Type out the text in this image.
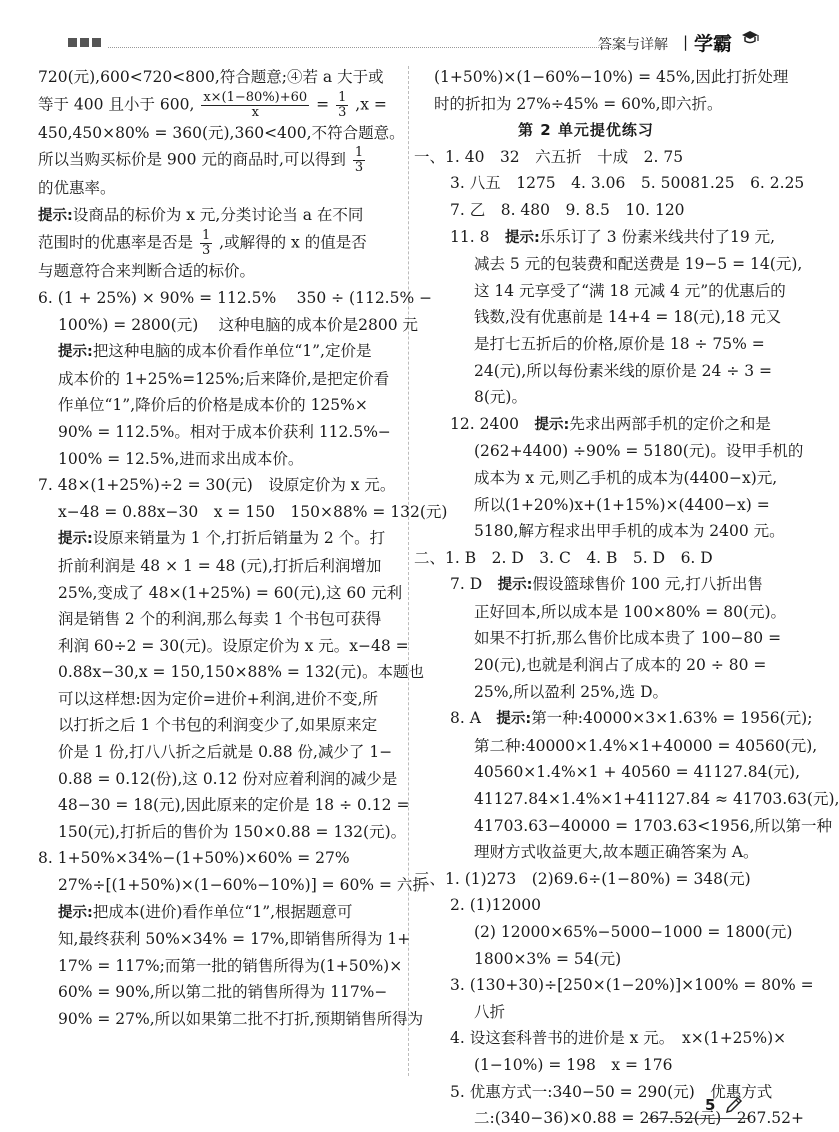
答案与详解 | 学霸

720(元),600<720<800,符合题意;④若 a 大于或

等于 400 且小于 600, $\frac{x\times(1-80\%)+60}{x} = \frac{1}{3} ,x$ =

450,450×80% = 360(元),360<400,不符合题意。

所以当购买标价是 900 元的商品时,可以得到 $\frac{1}{3}$

的优惠率。

提示:设商品的标价为 x 元,分类讨论当 a 在不同

范围时的优惠率是否是 $\frac{1}{3}$ ,或解得的 x 的值是否

与题意符合来判断合适的标价。

6. (1 + 25%) × 90% = 112.5%　 350 ÷ (112.5% −

100%) = 2800(元)　 这种电脑的成本价是2800 元

提示:把这种电脑的成本价看作单位“1”,定价是

成本价的 1+25%=125%;后来降价,是把定价看

作单位“1”,降价后的价格是成本价的 125%×

90% = 112.5%。相对于成本价获利 112.5%−

100% = 12.5%,进而求出成本价。

7. 48×(1+25%)÷2 = 30(元)　设原定价为 x 元。

x−48 = 0.88x−30　x = 150　150×88% = 132(元)

提示:设原来销量为 1 个,打折后销量为 2 个。打

折前利润是 48 × 1 = 48 (元),打折后利润增加

25%,变成了 48×(1+25%) = 60(元),这 60 元利

润是销售 2 个的利润,那么每卖 1 个书包可获得

利润 60÷2 = 30(元)。设原定价为 x 元。x−48 =

0.88x−30,x = 150,150×88% = 132(元)。本题也

可以这样想:因为定价=进价+利润,进价不变,所

以打折之后 1 个书包的利润变少了,如果原来定

价是 1 份,打八八折之后就是 0.88 份,减少了 1−

0.88 = 0.12(份),这 0.12 份对应着利润的减少是

48−30 = 18(元),因此原来的定价是 18 ÷ 0.12 =

150(元),打折后的售价为 150×0.88 = 132(元)。

8. 1+50%×34%−(1+50%)×60% = 27%

27%÷[(1+50%)×(1−60%−10%)] = 60% = 六折

提示:把成本(进价)看作单位“1”,根据题意可

知,最终获利 50%×34% = 17%,即销售所得为 1+

17% = 117%;而第一批的销售所得为(1+50%)×

60% = 90%,所以第二批的销售所得为 117%−

90% = 27%,所以如果第二批不打折,预期销售所得为

(1+50%)×(1−60%−10%) = 45%,因此打折处理

时的折扣为 27%÷45% = 60%,即六折。

第 2 单元提优练习

一、1. 40　32　六五折　十成　2. 75

3. 八五　1275　4. 3.06　5. 50081.25　6. 2.25

7. 乙　8. 480　9. 8.5　10. 120

11. 8　提示:乐乐订了 3 份素米线共付了19 元,

减去 5 元的包装费和配送费是 19−5 = 14(元),

这 14 元享受了“满 18 元减 4 元”的优惠后的

钱数,没有优惠前是 14+4 = 18(元),18 元又

是打七五折后的价格,原价是 18 ÷ 75% =

24(元),所以每份素米线的原价是 24 ÷ 3 =

8(元)。

12. 2400　提示:先求出两部手机的定价之和是

(262+4400) ÷90% = 5180(元)。设甲手机的

成本为 x 元,则乙手机的成本为(4400−x)元,

所以(1+20%)x+(1+15%)×(4400−x) =

5180,解方程求出甲手机的成本为 2400 元。

二、1. B　2. D　3. C　4. B　5. D　6. D

7. D　提示:假设篮球售价 100 元,打八折出售

正好回本,所以成本是 100×80% = 80(元)。

如果不打折,那么售价比成本贵了 100−80 =

20(元),也就是利润占了成本的 20 ÷ 80 =

25%,所以盈利 25%,选 D。

8. A　提示:第一种:40000×3×1.63% = 1956(元);

第二种:40000×1.4%×1+40000 = 40560(元),

40560×1.4%×1 + 40560 = 41127.84(元),

41127.84×1.4%×1+41127.84 ≈ 41703.63(元),

41703.63−40000 = 1703.63<1956,所以第一种

理财方式收益更大,故本题正确答案为 A。

三、1. (1)273　(2)69.6÷(1−80%) = 348(元)

2. (1)12000

(2) 12000×65%−5000−1000 = 1800(元)

1800×3% = 54(元)

3. (130+30)÷[250×(1−20%)]×100% = 80% =

八折

4. 设这套科普书的进价是 x 元。　x×(1+25%)×

(1−10%) = 198　x = 176

5. 优惠方式一:340−50 = 290(元)　优惠方式

二:(340−36)×0.88 = 267.52(元)　267.52+

5
